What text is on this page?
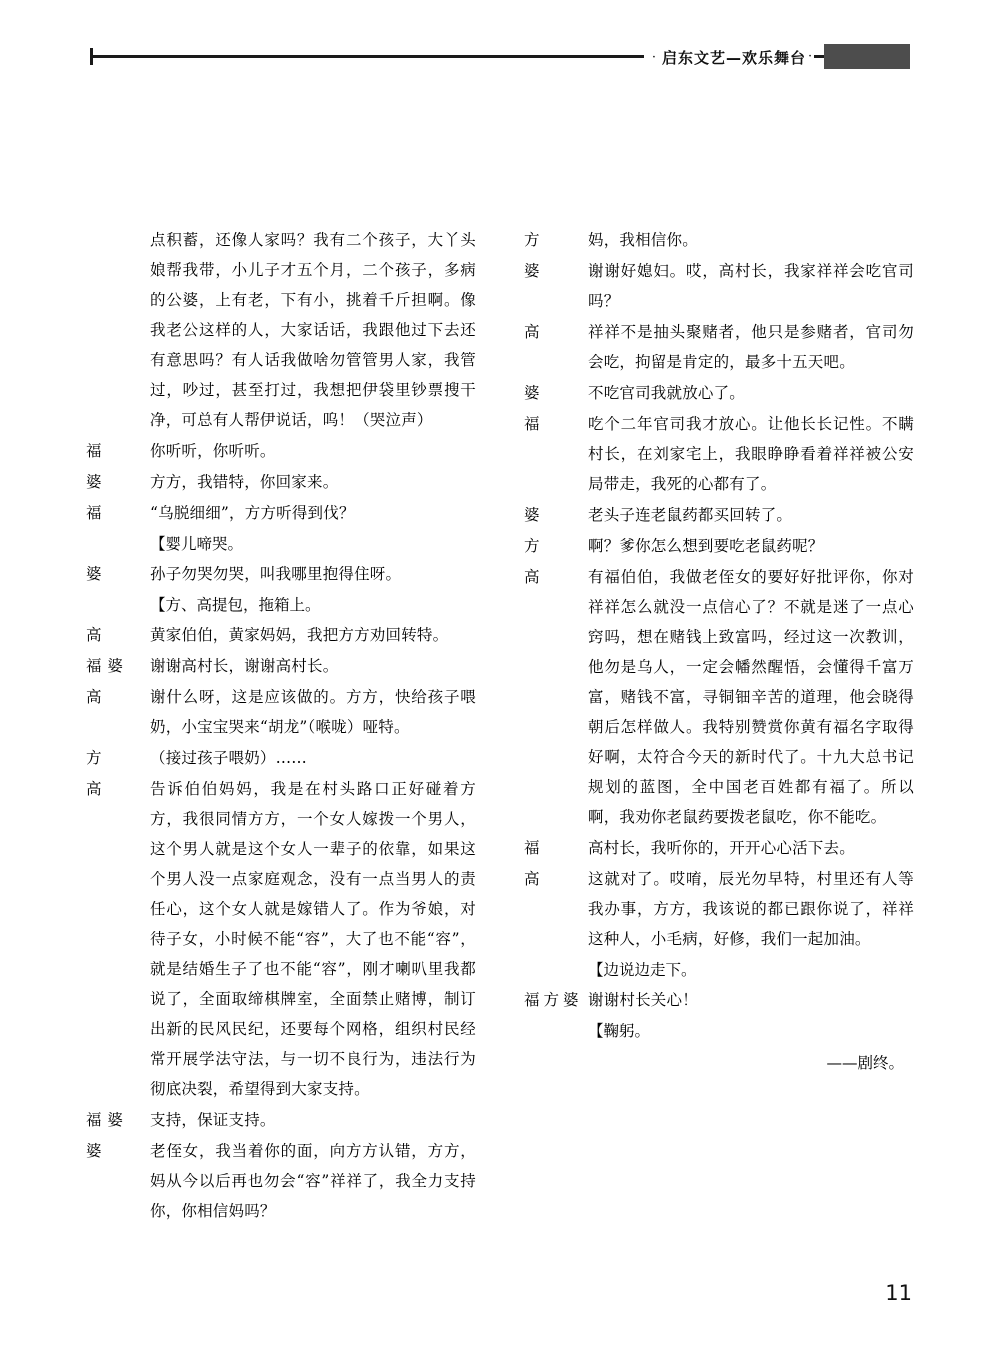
· 启东文艺—欢乐舞台 ·
点积蓄，还像人家吗？我有二个孩子，大丫头娘帮我带，小儿子才五个月，二个孩子，多病的公婆，上有老，下有小，挑着千斤担啊。像我老公这样的人，大家话话，我跟他过下去还有意思吗？有人话我做啥勿管管男人家，我管过，吵过，甚至打过，我想把伊袋里钞票搜干净，可总有人帮伊说话，呜！（哭泣声）
福	你听听，你听听。
婆	方方，我错特，你回家来。
福	“乌脱细细”，方方听得到伐？
【婴儿啼哭。
婆	孙子勿哭勿哭，叫我哪里抱得住呀。
【方、高提包，拖箱上。
高	黄家伯伯，黄家妈妈，我把方方劝回转特。
福 婆	谢谢高村长，谢谢高村长。
高	谢什么呀，这是应该做的。方方，快给孩子喂奶，小宝宝哭来“胡龙”（喉咙）哑特。
方	（接过孩子喂奶）……
高	告诉伯伯妈妈，我是在村头路口正好碰着方方，我很同情方方，一个女人嫁拨一个男人，这个男人就是这个女人一辈子的依靠，如果这个男人没一点家庭观念，没有一点当男人的责任心，这个女人就是嫁错人了。作为爷娘，对待子女，小时候不能“容”，大了也不能“容”，就是结婚生子了也不能“容”，刚才喇叭里我都说了，全面取缔棋牌室，全面禁止赌博，制订出新的民风民纪，还要每个网格，组织村民经常开展学法守法，与一切不良行为，违法行为彻底决裂，希望得到大家支持。
福 婆	支持，保证支持。
婆	老侄女，我当着你的面，向方方认错，方方，妈从今以后再也勿会“容”祥祥了，我全力支持你，你相信妈吗？
方	妈，我相信你。
婆	谢谢好媳妇。哎，高村长，我家祥祥会吃官司吗？
高	祥祥不是抽头聚赌者，他只是参赌者，官司勿会吃，拘留是肯定的，最多十五天吧。
婆	不吃官司我就放心了。
福	吃个二年官司我才放心。让他长长记性。不瞒村长，在刘家宅上，我眼睁睁看着祥祥被公安局带走，我死的心都有了。
婆	老头子连老鼠药都买回转了。
方	啊？爹你怎么想到要吃老鼠药呢？
高	有福伯伯，我做老侄女的要好好批评你，你对祥祥怎么就没一点信心了？不就是迷了一点心窍吗，想在赌钱上致富吗，经过这一次教训，他勿是乌人，一定会幡然醒悟，会懂得千富万富，赌钱不富，寻铜钿辛苦的道理，他会晓得朝后怎样做人。我特别赞赏你黄有福名字取得好啊，太符合今天的新时代了。十九大总书记规划的蓝图，全中国老百姓都有福了。所以啊，我劝你老鼠药要拨老鼠吃，你不能吃。
福	高村长，我听你的，开开心心活下去。
高	这就对了。哎唷，辰光勿早特，村里还有人等我办事，方方，我该说的都已跟你说了，祥祥这种人，小毛病，好修，我们一起加油。
【边说边走下。
福方婆 谢谢村长关心！
【鞠躬。
——剧终。
11
